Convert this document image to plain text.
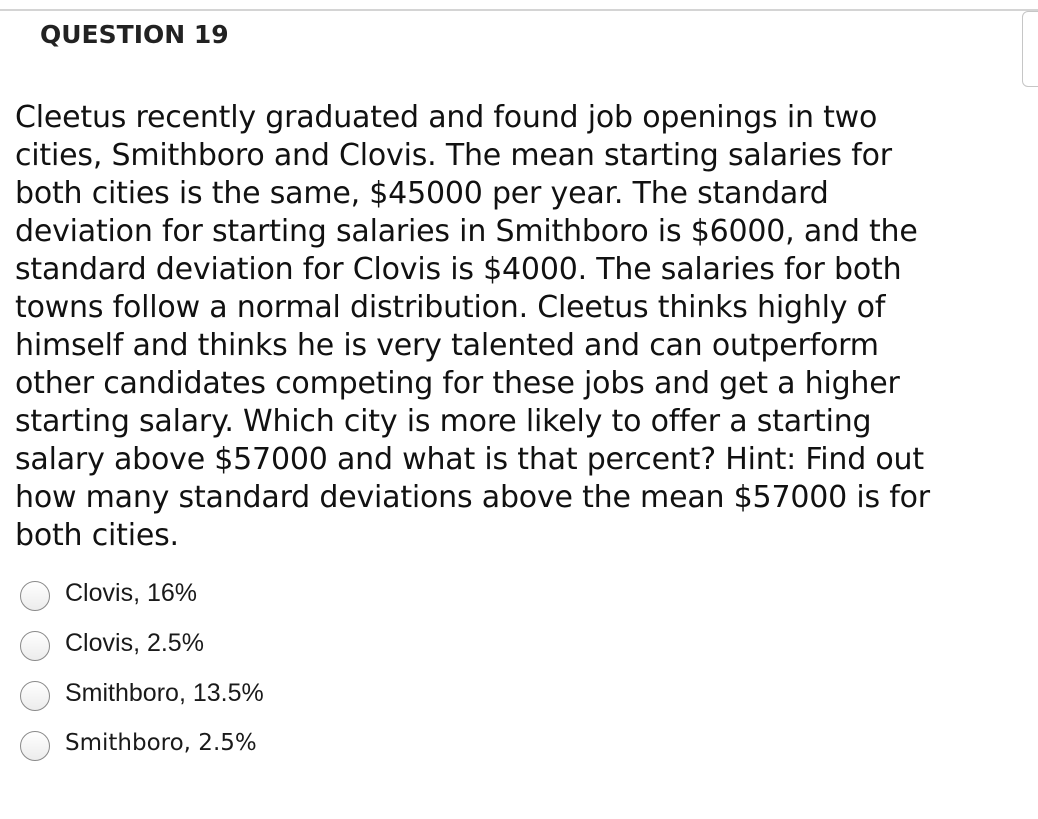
QUESTION 19
Cleetus recently graduated and found job openings in two
cities, Smithboro and Clovis. The mean starting salaries for
both cities is the same, $45000 per year. The standard
deviation for starting salaries in Smithboro is $6000, and the
standard deviation for Clovis is $4000. The salaries for both
towns follow a normal distribution. Cleetus thinks highly of
himself and thinks he is very talented and can outperform
other candidates competing for these jobs and get a higher
starting salary. Which city is more likely to offer a starting
salary above $57000 and what is that percent? Hint: Find out
how many standard deviations above the mean $57000 is for
both cities.
Clovis, 16%
Clovis, 2.5%
Smithboro, 13.5%
Smithboro, 2.5%
